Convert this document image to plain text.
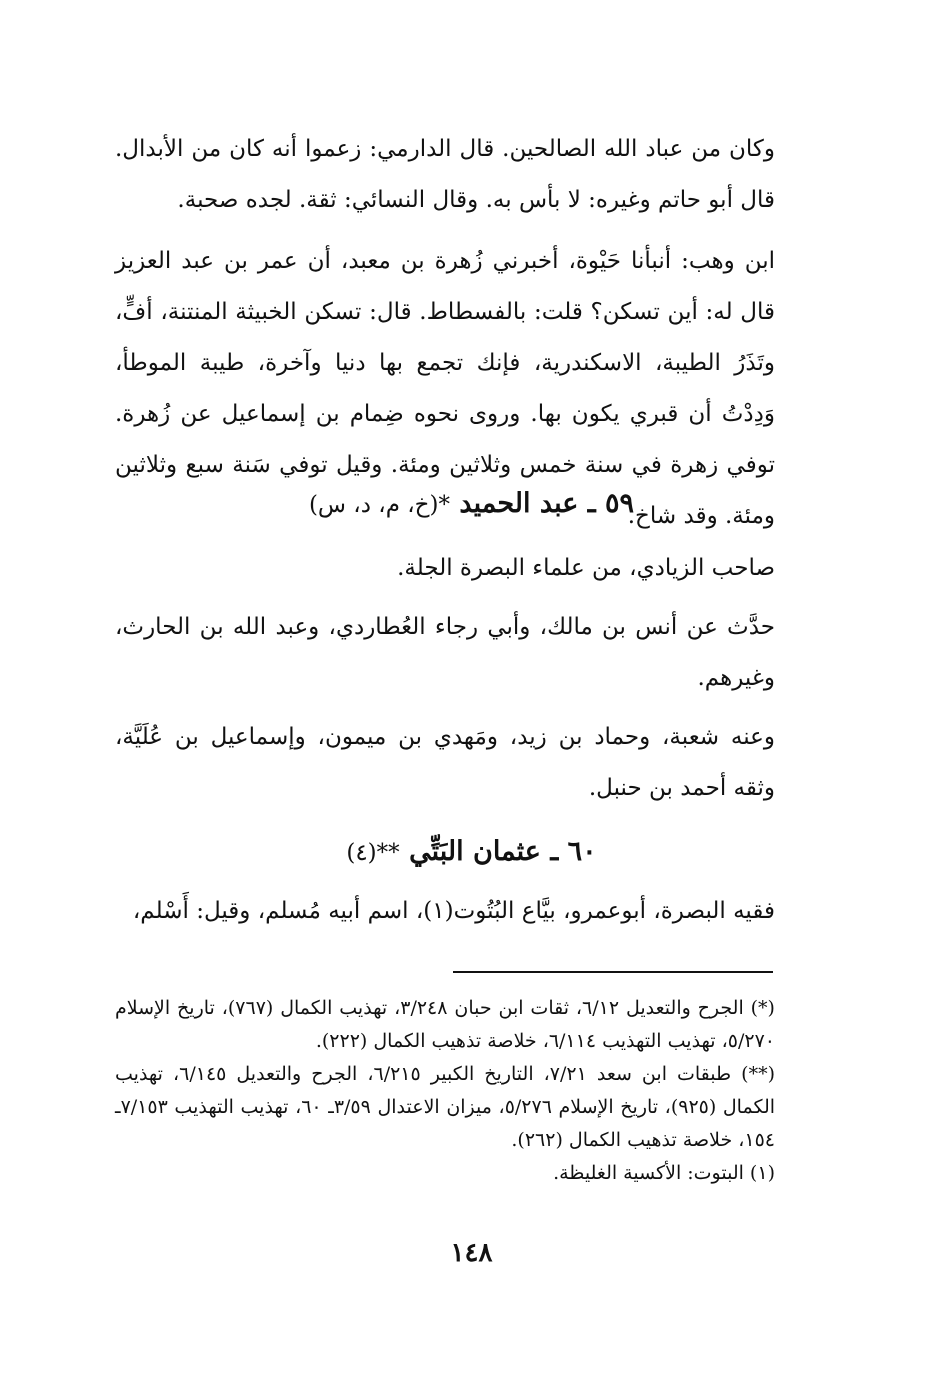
وكان من عباد الله الصالحين. قال الدارمي: زعموا أنه كان من الأبدال. قال أبو حاتم وغيره: لا بأس به. وقال النسائي: ثقة. لجده صحبة.

ابن وهب: أنبأنا حَيْوة، أخبرني زُهرة بن معبد، أن عمر بن عبد العزيز قال له: أين تسكن؟ قلت: بالفسطاط. قال: تسكن الخبيثة المنتنة، أفٍّ، وتَذَرُ الطيبة، الاسكندرية، فإنك تجمع بها دنيا وآخرة، طيبة الموطأ، وَدِدْتُ أن قبري يكون بها. وروى نحوه ضِمام بن إسماعيل عن زُهرة. توفي زهرة في سنة خمس وثلاثين ومئة. وقيل توفي سَنة سبع وثلاثين ومئة. وقد شاخ.

٥٩ ـ عبد الحميد *(خ، م، د، س)

صاحب الزيادي، من علماء البصرة الجلة.

حدَّث عن أنس بن مالك، وأبي رجاء العُطاردي، وعبد الله بن الحارث، وغيرهم.

وعنه شعبة، وحماد بن زيد، ومَهدي بن ميمون، وإسماعيل بن عُلَيَّة، وثقه أحمد بن حنبل.

٦٠ ـ عثمان البَتِّي **(٤)

فقيه البصرة، أبوعمرو، بيَّاع البُتُوت(١)، اسم أبيه مُسلم، وقيل: أَسْلم،

(*) الجرح والتعديل ٦/١٢، ثقات ابن حبان ٣/٢٤٨، تهذيب الكمال (٧٦٧)، تاريخ الإسلام ٥/٢٧٠، تهذيب التهذيب ٦/١١٤، خلاصة تذهيب الكمال (٢٢٢).

(**) طبقات ابن سعد ٧/٢١، التاريخ الكبير ٦/٢١٥، الجرح والتعديل ٦/١٤٥، تهذيب الكمال (٩٢٥)، تاريخ الإسلام ٥/٢٧٦، ميزان الاعتدال ٣/٥٩ـ ٦٠، تهذيب التهذيب ٧/١٥٣ـ ١٥٤، خلاصة تذهيب الكمال (٢٦٢).

(١) البتوت: الأكسية الغليظة.

١٤٨
